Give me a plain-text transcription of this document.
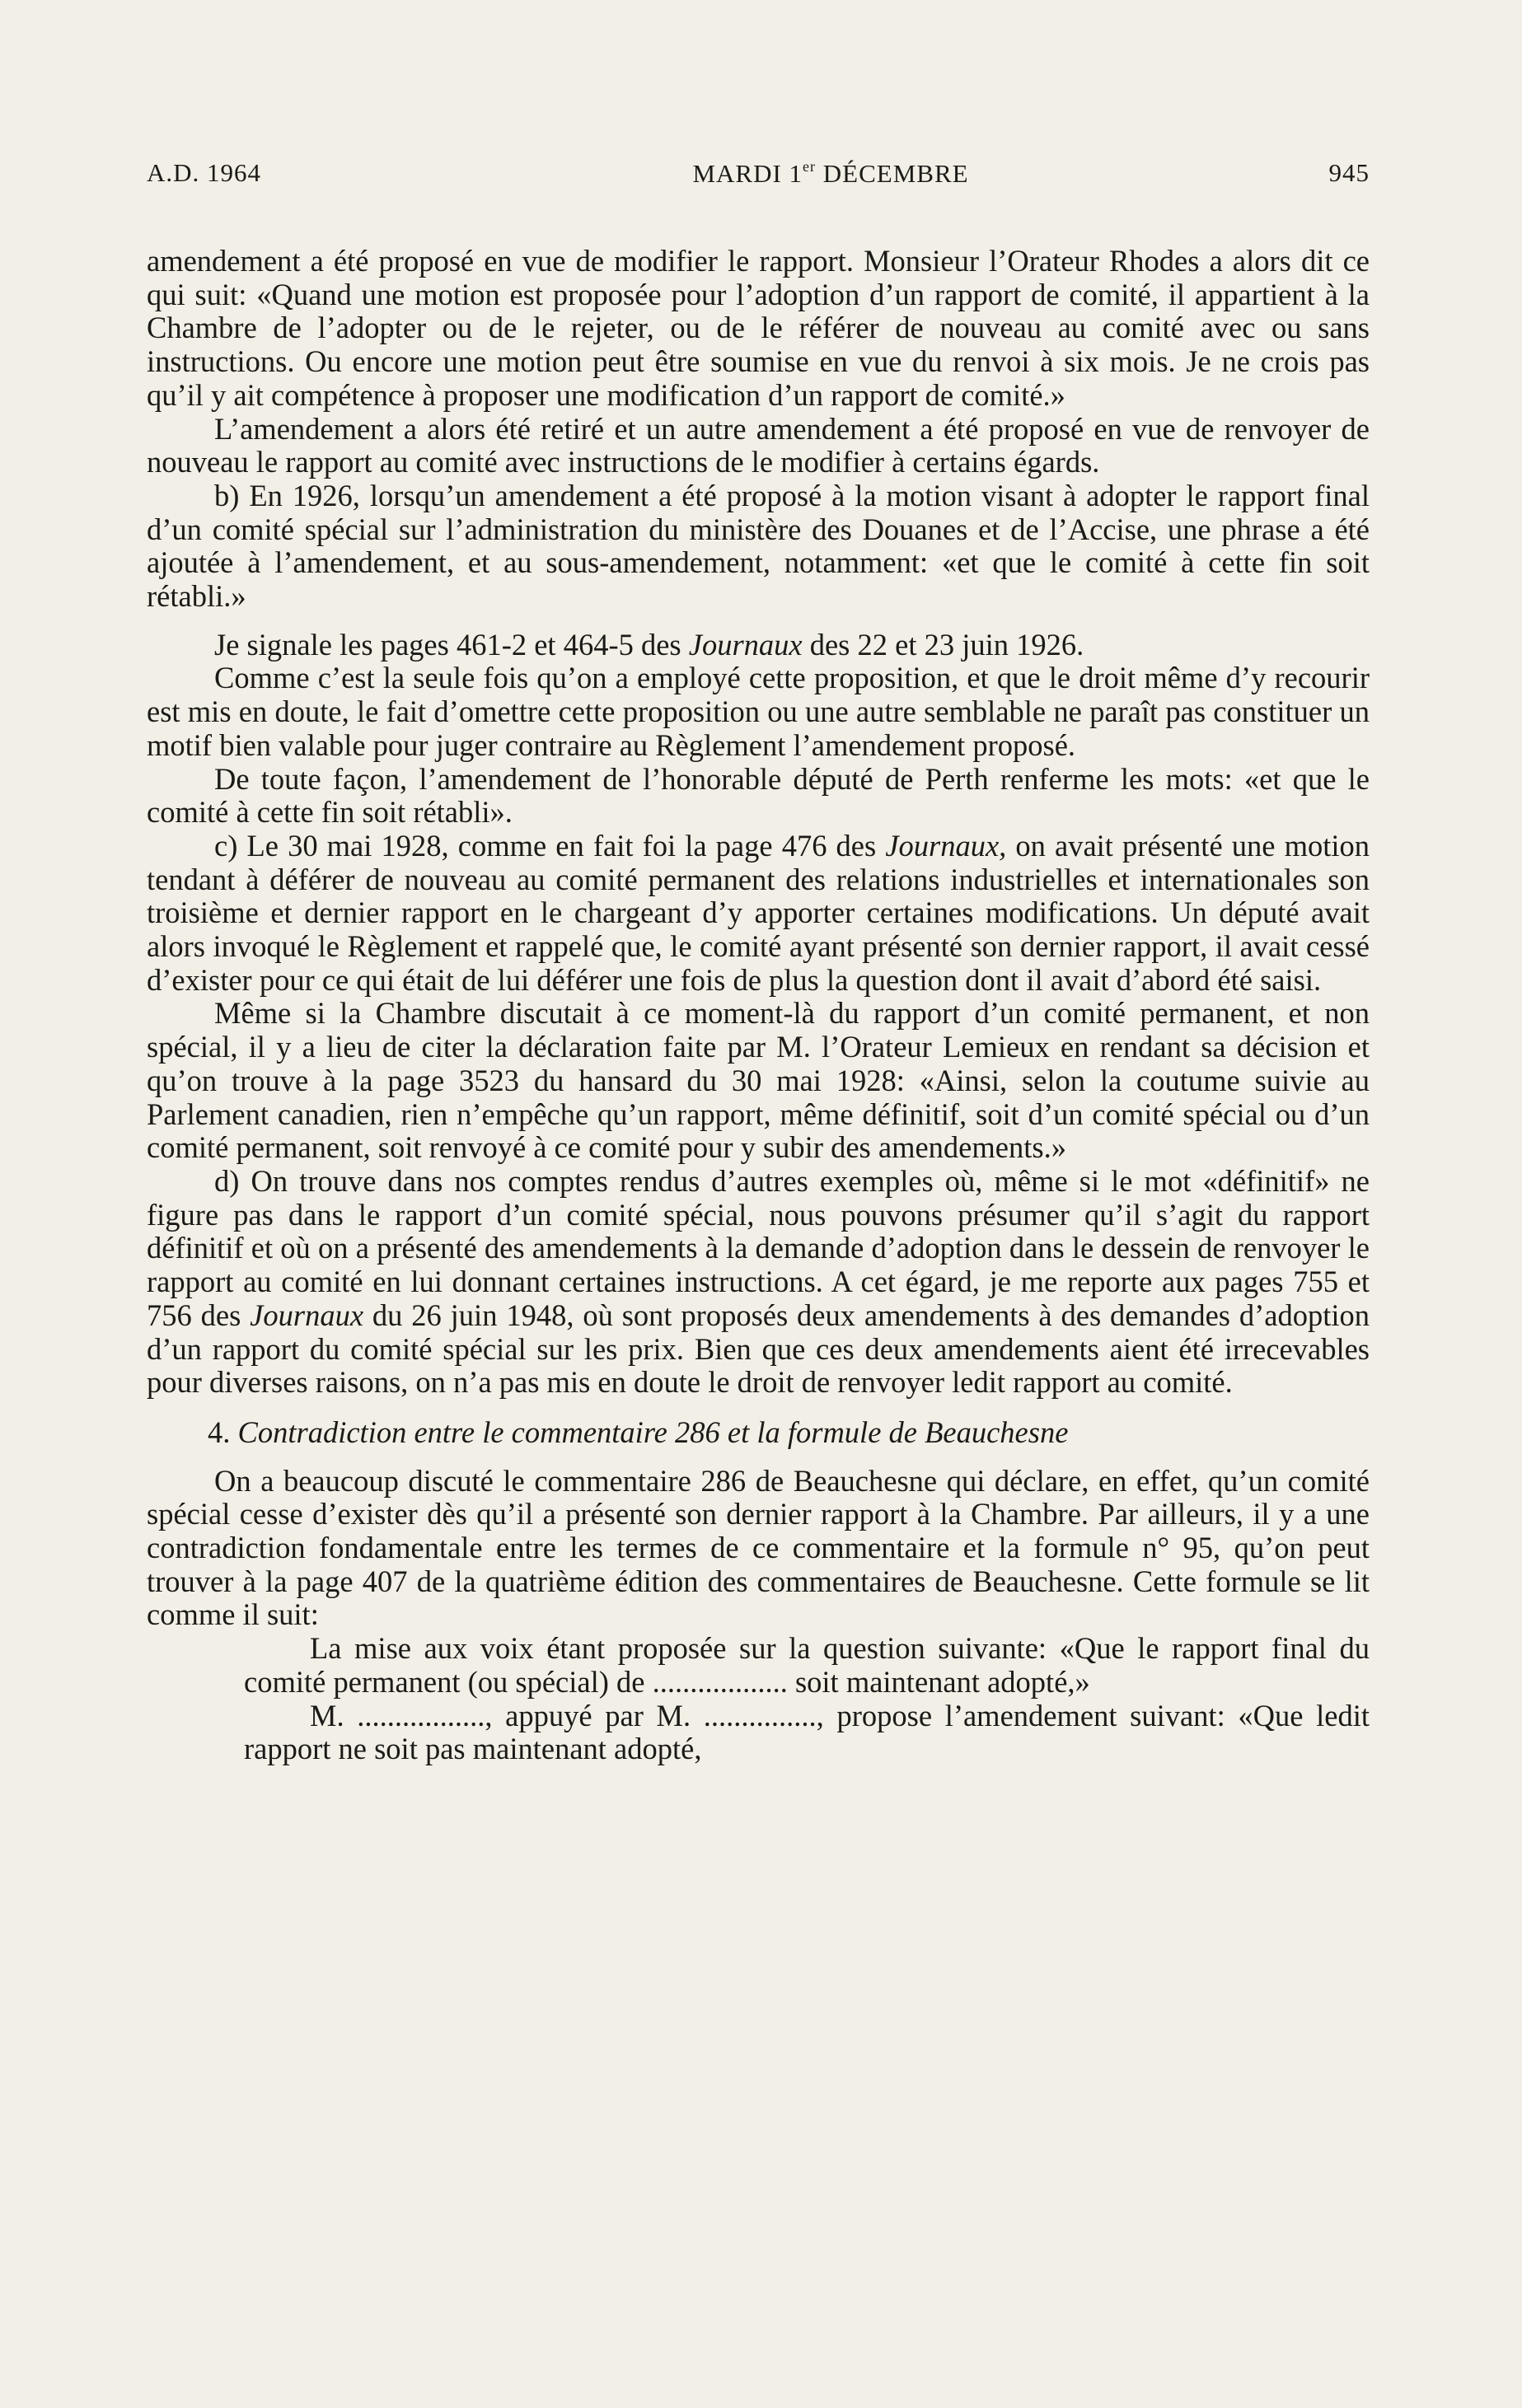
A.D. 1964	MARDI 1er DÉCEMBRE	945

amendement a été proposé en vue de modifier le rapport. Monsieur l’Orateur Rhodes a alors dit ce qui suit: «Quand une motion est proposée pour l’adoption d’un rapport de comité, il appartient à la Chambre de l’adopter ou de le rejeter, ou de le référer de nouveau au comité avec ou sans instructions. Ou encore une motion peut être soumise en vue du renvoi à six mois. Je ne crois pas qu’il y ait compétence à proposer une modification d’un rapport de comité.»

L’amendement a alors été retiré et un autre amendement a été proposé en vue de renvoyer de nouveau le rapport au comité avec instructions de le modifier à certains égards.

b) En 1926, lorsqu’un amendement a été proposé à la motion visant à adopter le rapport final d’un comité spécial sur l’administration du ministère des Douanes et de l’Accise, une phrase a été ajoutée à l’amendement, et au sous-amendement, notamment: «et que le comité à cette fin soit rétabli.»

Je signale les pages 461-2 et 464-5 des Journaux des 22 et 23 juin 1926.

Comme c’est la seule fois qu’on a employé cette proposition, et que le droit même d’y recourir est mis en doute, le fait d’omettre cette proposition ou une autre semblable ne paraît pas constituer un motif bien valable pour juger contraire au Règlement l’amendement proposé.

De toute façon, l’amendement de l’honorable député de Perth renferme les mots: «et que le comité à cette fin soit rétabli».

c) Le 30 mai 1928, comme en fait foi la page 476 des Journaux, on avait présenté une motion tendant à déférer de nouveau au comité permanent des relations industrielles et internationales son troisième et dernier rapport en le chargeant d’y apporter certaines modifications. Un député avait alors invoqué le Règlement et rappelé que, le comité ayant présenté son dernier rapport, il avait cessé d’exister pour ce qui était de lui déférer une fois de plus la question dont il avait d’abord été saisi.

Même si la Chambre discutait à ce moment-là du rapport d’un comité permanent, et non spécial, il y a lieu de citer la déclaration faite par M. l’Orateur Lemieux en rendant sa décision et qu’on trouve à la page 3523 du hansard du 30 mai 1928: «Ainsi, selon la coutume suivie au Parlement canadien, rien n’empêche qu’un rapport, même définitif, soit d’un comité spécial ou d’un comité permanent, soit renvoyé à ce comité pour y subir des amendements.»

d) On trouve dans nos comptes rendus d’autres exemples où, même si le mot «définitif» ne figure pas dans le rapport d’un comité spécial, nous pouvons présumer qu’il s’agit du rapport définitif et où on a présenté des amendements à la demande d’adoption dans le dessein de renvoyer le rapport au comité en lui donnant certaines instructions. A cet égard, je me reporte aux pages 755 et 756 des Journaux du 26 juin 1948, où sont proposés deux amendements à des demandes d’adoption d’un rapport du comité spécial sur les prix. Bien que ces deux amendements aient été irrecevables pour diverses raisons, on n’a pas mis en doute le droit de renvoyer ledit rapport au comité.

4. Contradiction entre le commentaire 286 et la formule de Beauchesne

On a beaucoup discuté le commentaire 286 de Beauchesne qui déclare, en effet, qu’un comité spécial cesse d’exister dès qu’il a présenté son dernier rapport à la Chambre. Par ailleurs, il y a une contradiction fondamentale entre les termes de ce commentaire et la formule n° 95, qu’on peut trouver à la page 407 de la quatrième édition des commentaires de Beauchesne. Cette formule se lit comme il suit:

La mise aux voix étant proposée sur la question suivante: «Que le rapport final du comité permanent (ou spécial) de .................. soit maintenant adopté,»

M. ................., appuyé par M. ..............., propose l’amendement suivant: «Que ledit rapport ne soit pas maintenant adopté,
